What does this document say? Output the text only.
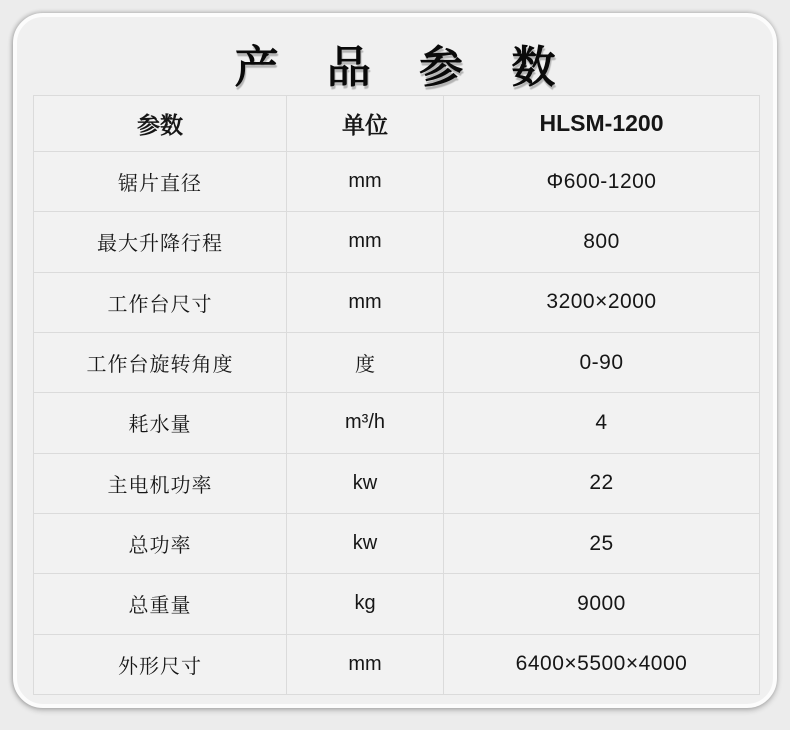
产 品 参 数
参数	单位	HLSM-1200
锯片直径	mm	Φ600-1200
最大升降行程	mm	800
工作台尺寸	mm	3200×2000
工作台旋转角度	度	0-90
耗水量	m³/h	4
主电机功率	kw	22
总功率	kw	25
总重量	kg	9000
外形尺寸	mm	6400×5500×4000
